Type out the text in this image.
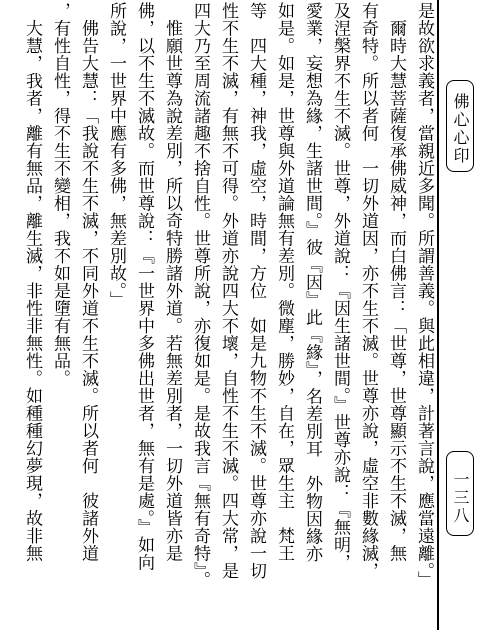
是故欲求義者，當親近多聞。所謂善義。與此相違，計著言說，應當遠離。」
　爾時大慧菩薩復承佛威神，而白佛言：「世尊，世尊顯示不生不滅，無
有奇特。所以者何　一切外道因，亦不生不滅。世尊亦說，虛空非數緣滅，
及涅槃界不生不滅。世尊，外道說：『因生諸世間。』世尊亦說：『無明，
愛業，妄想為緣，生諸世間。』彼『因』此『緣』，名差別耳　外物因緣亦
如是。如是，世尊與外道論無有差別。微塵，勝妙，自在，眾生主　梵王
等　四大種，神我，虛空，時間，方位　如是九物不生不滅。世尊亦說一切
性不生不滅，有無不可得。外道亦說四大不壞，自性不生不滅。四大常，是
四大乃至周流諸趣不捨自性。世尊所說，亦復如是。是故我言『無有奇特』。
　惟願世尊為說差別，所以奇特勝諸外道。若無差別者，一切外道皆亦是
佛，以不生不滅故。而世尊說：『一世界中多佛出世者，無有是處。』如向
所說，一世界中應有多佛，無差別故。」
　佛告大慧：「我說不生不滅，不同外道不生不滅。所以者何　彼諸外道
，有性自性，得不生不變相，我不如是墮有無品。
　大慧，我者，離有無品，離生滅，非性非無性。如種種幻夢現，故非無	佛心心印
一三八
